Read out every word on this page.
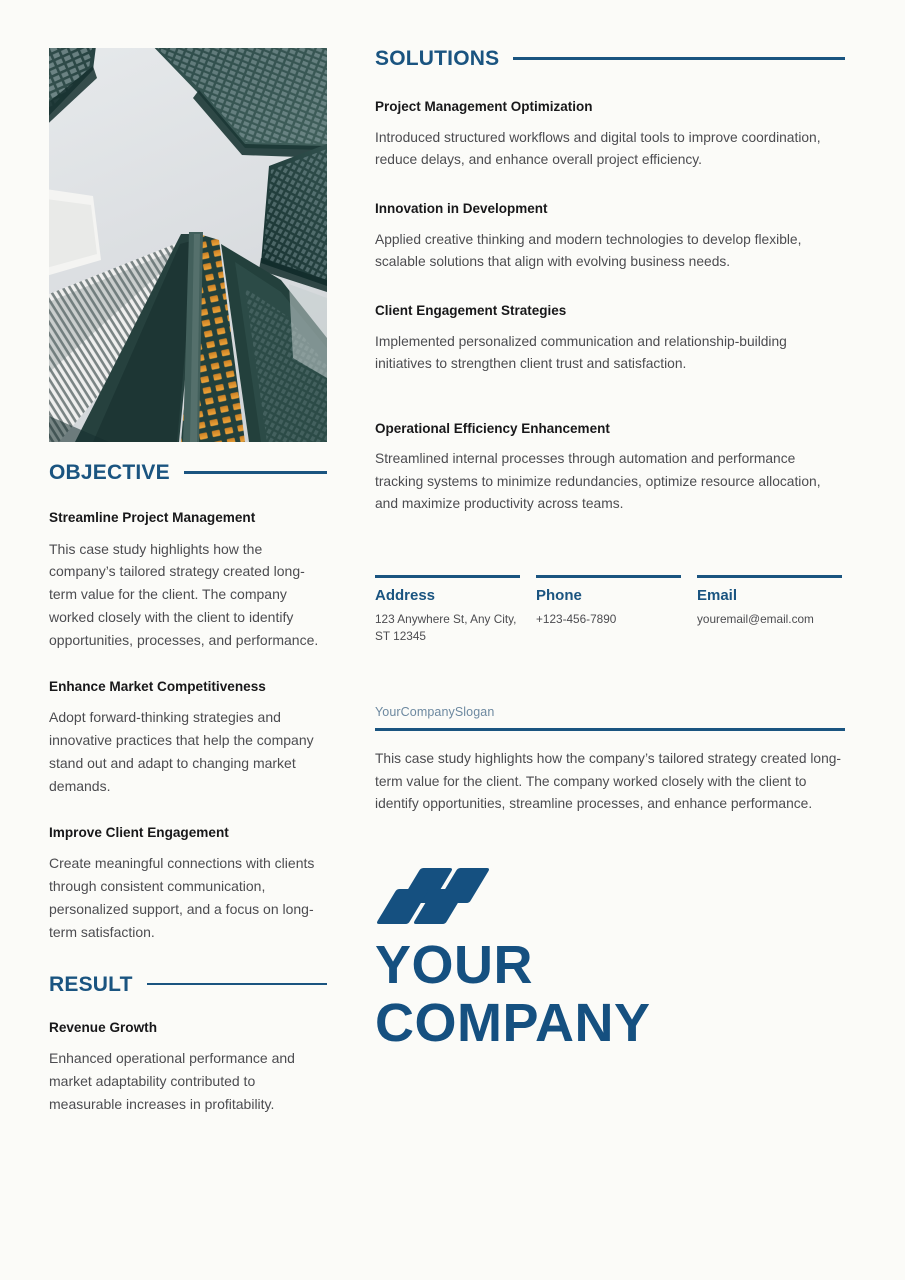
OBJECTIVE
Streamline Project Management
This case study highlights how the company’s tailored strategy created long-term value for the client. The company worked closely with the client to identify opportunities, processes, and performance.
Enhance Market Competitiveness
Adopt forward-thinking strategies and innovative practices that help the company stand out and adapt to changing market demands.
Improve Client Engagement
Create meaningful connections with clients through consistent communication, personalized support, and a focus on long-term satisfaction.
RESULT
Revenue Growth
Enhanced operational performance and market adaptability contributed to measurable increases in profitability.
SOLUTIONS
Project Management Optimization
Introduced structured workflows and digital tools to improve coordination, reduce delays, and enhance overall project efficiency.
Innovation in Development
Applied creative thinking and modern technologies to develop flexible, scalable solutions that align with evolving business needs.
Client Engagement Strategies
Implemented personalized communication and relationship-building initiatives to strengthen client trust and satisfaction.
Operational Efficiency Enhancement
Streamlined internal processes through automation and performance tracking systems to minimize redundancies, optimize resource allocation, and maximize productivity across teams.
Address
123 Anywhere St, Any City, ST 12345
Phone
+123-456-7890
Email
youremail@email.com
YourCompanySlogan
This case study highlights how the company’s tailored strategy created long-term value for the client. The company worked closely with the client to identify opportunities, streamline processes, and enhance performance.
YOUR
COMPANY
